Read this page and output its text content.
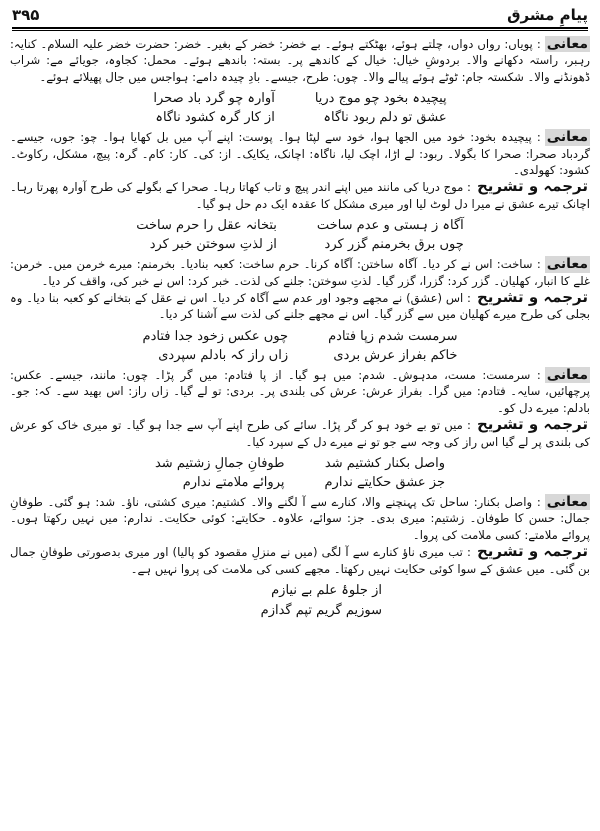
پیامِ مشرق
۳۹۵
معانی: پویاں: رواں دواں، چلتے ہوئے، بھٹکتے ہوئے۔ بے خضر: خضر کے بغیر۔ خضر: حضرت خضر علیہ السلام۔ کنایہ: رہبر، راستہ دکھانے والا۔ بردوشِ خیال: خیال کے کاندھے پر۔ بستہ: باندھے ہوئے۔ محمل: کجاوہ، جویائے مے: شراب ڈھونڈنے والا۔ شکستہ جام: ٹوٹے ہوئے پیالے والا۔ چوں: طرح، جیسے۔ بادِ چیدہ دامے: ہواجس میں جال پھیلائے ہوئے۔
پیچیدہ بخود چو موج دریا
عشق تو دلم ربود ناگاہ
آوارہ چو گرد باد صحرا
از کار گرہ کشود ناگاہ
معانی: پیچیدہ بخود: خود میں الجھا ہوا، خود سے لپٹا ہوا۔ پوست: اپنے آپ میں بل کھایا ہوا۔ چو: جوں، جیسے۔ گردباد صحرا: صحرا کا بگولا۔ ربود: لے اڑا، اچک لیا، ناگاہ: اچانک، یکایک۔ از: کی۔ کار: کام۔ گرہ: پیچ، مشکل، رکاوٹ۔ کشود: کھولدی۔
ترجمہ و تشریح: موج دریا کی مانند میں اپنے اندر پیچ و تاب کھاتا رہا۔ صحرا کے بگولے کی طرح آوارہ پھرتا رہا۔ اچانک تیرے عشق نے میرا دل لوٹ لیا اور میری مشکل کا عقدہ ایک دم حل ہو گیا۔
آگاہ ز ہستی و عدم ساخت
چوں برق بخرمنم گزر کرد
بتخانہ عقل را حرم ساخت
از لذتِ سوختن خبر کرد
معانی: ساخت: اس نے کر دیا۔ آگاہ ساختن: آگاہ کرنا۔ حرم ساخت: کعبہ بنادیا۔ بخرمنم: میرے خرمن میں۔ خرمن: غلے کا انبار، کھلیان۔ گزر کرد: گزرا، گزر گیا۔ لذتِ سوختن: جلنے کی لذت۔ خبر کرد: اس نے خبر کی، واقف کر دیا۔
ترجمہ و تشریح: اس (عشق) نے مجھے وجود اور عدم سے آگاہ کر دیا۔ اس نے عقل کے بتخانے کو کعبہ بنا دیا۔ وہ بجلی کی طرح میرے کھلیان میں سے گزر گیا۔ اس نے مجھے جلنے کی لذت سے آشنا کر دیا۔
سرمست شدم زپا فتادم
خاکم بفراز عرش بردی
چوں عکس زخود جدا فتادم
زاں راز کہ بادلم سپردی
معانی: سرمست: مست، مدہوش۔ شدم: میں ہو گیا۔ از پا فتادم: میں گر پڑا۔ چوں: مانند، جیسے۔ عکس: پرچھائیں، سایہ۔ فتادم: میں گرا۔ بفراز عرش: عرش کی بلندی پر۔ بردی: تو لے گیا۔ زاں راز: اس بھید سے۔ کہ: جو۔ بادلم: میرے دل کو۔
ترجمہ و تشریح: میں تو بے خود ہو کر گر پڑا۔ سائے کی طرح اپنے آپ سے جدا ہو گیا۔ تو میری خاک کو عرش کی بلندی پر لے گیا اس راز کی وجہ سے جو تو نے میرے دل کے سپرد کیا۔
واصل بکنار کشتیم شد
جز عشق حکایتے ندارم
طوفانِ جمالِ زشتیم شد
پروائے ملامتے ندارم
معانی: واصل بکنار: ساحل تک پہنچنے والا، کنارے سے آ لگنے والا۔ کشتیم: میری کشتی، ناؤ۔ شد: ہو گئی۔ طوفانِ جمال: حسن کا طوفان۔ زشتیم: میری بدی۔ جز: سوائے، علاوہ۔ حکایتے: کوئی حکایت۔ ندارم: میں نہیں رکھتا ہوں۔ پروائے ملامتے: کسی ملامت کی پروا۔
ترجمہ و تشریح: تب میری ناؤ کنارے سے آ لگی (میں نے منزلِ مقصود کو پالیا) اور میری بدصورتی طوفانِ جمال بن گئی۔ میں عشق کے سوا کوئی حکایت نہیں رکھتا۔ مجھے کسی کی ملامت کی پروا نہیں ہے۔
از جلوۂ علم بے نیازم
سوزیم گریم تپم گدازم
